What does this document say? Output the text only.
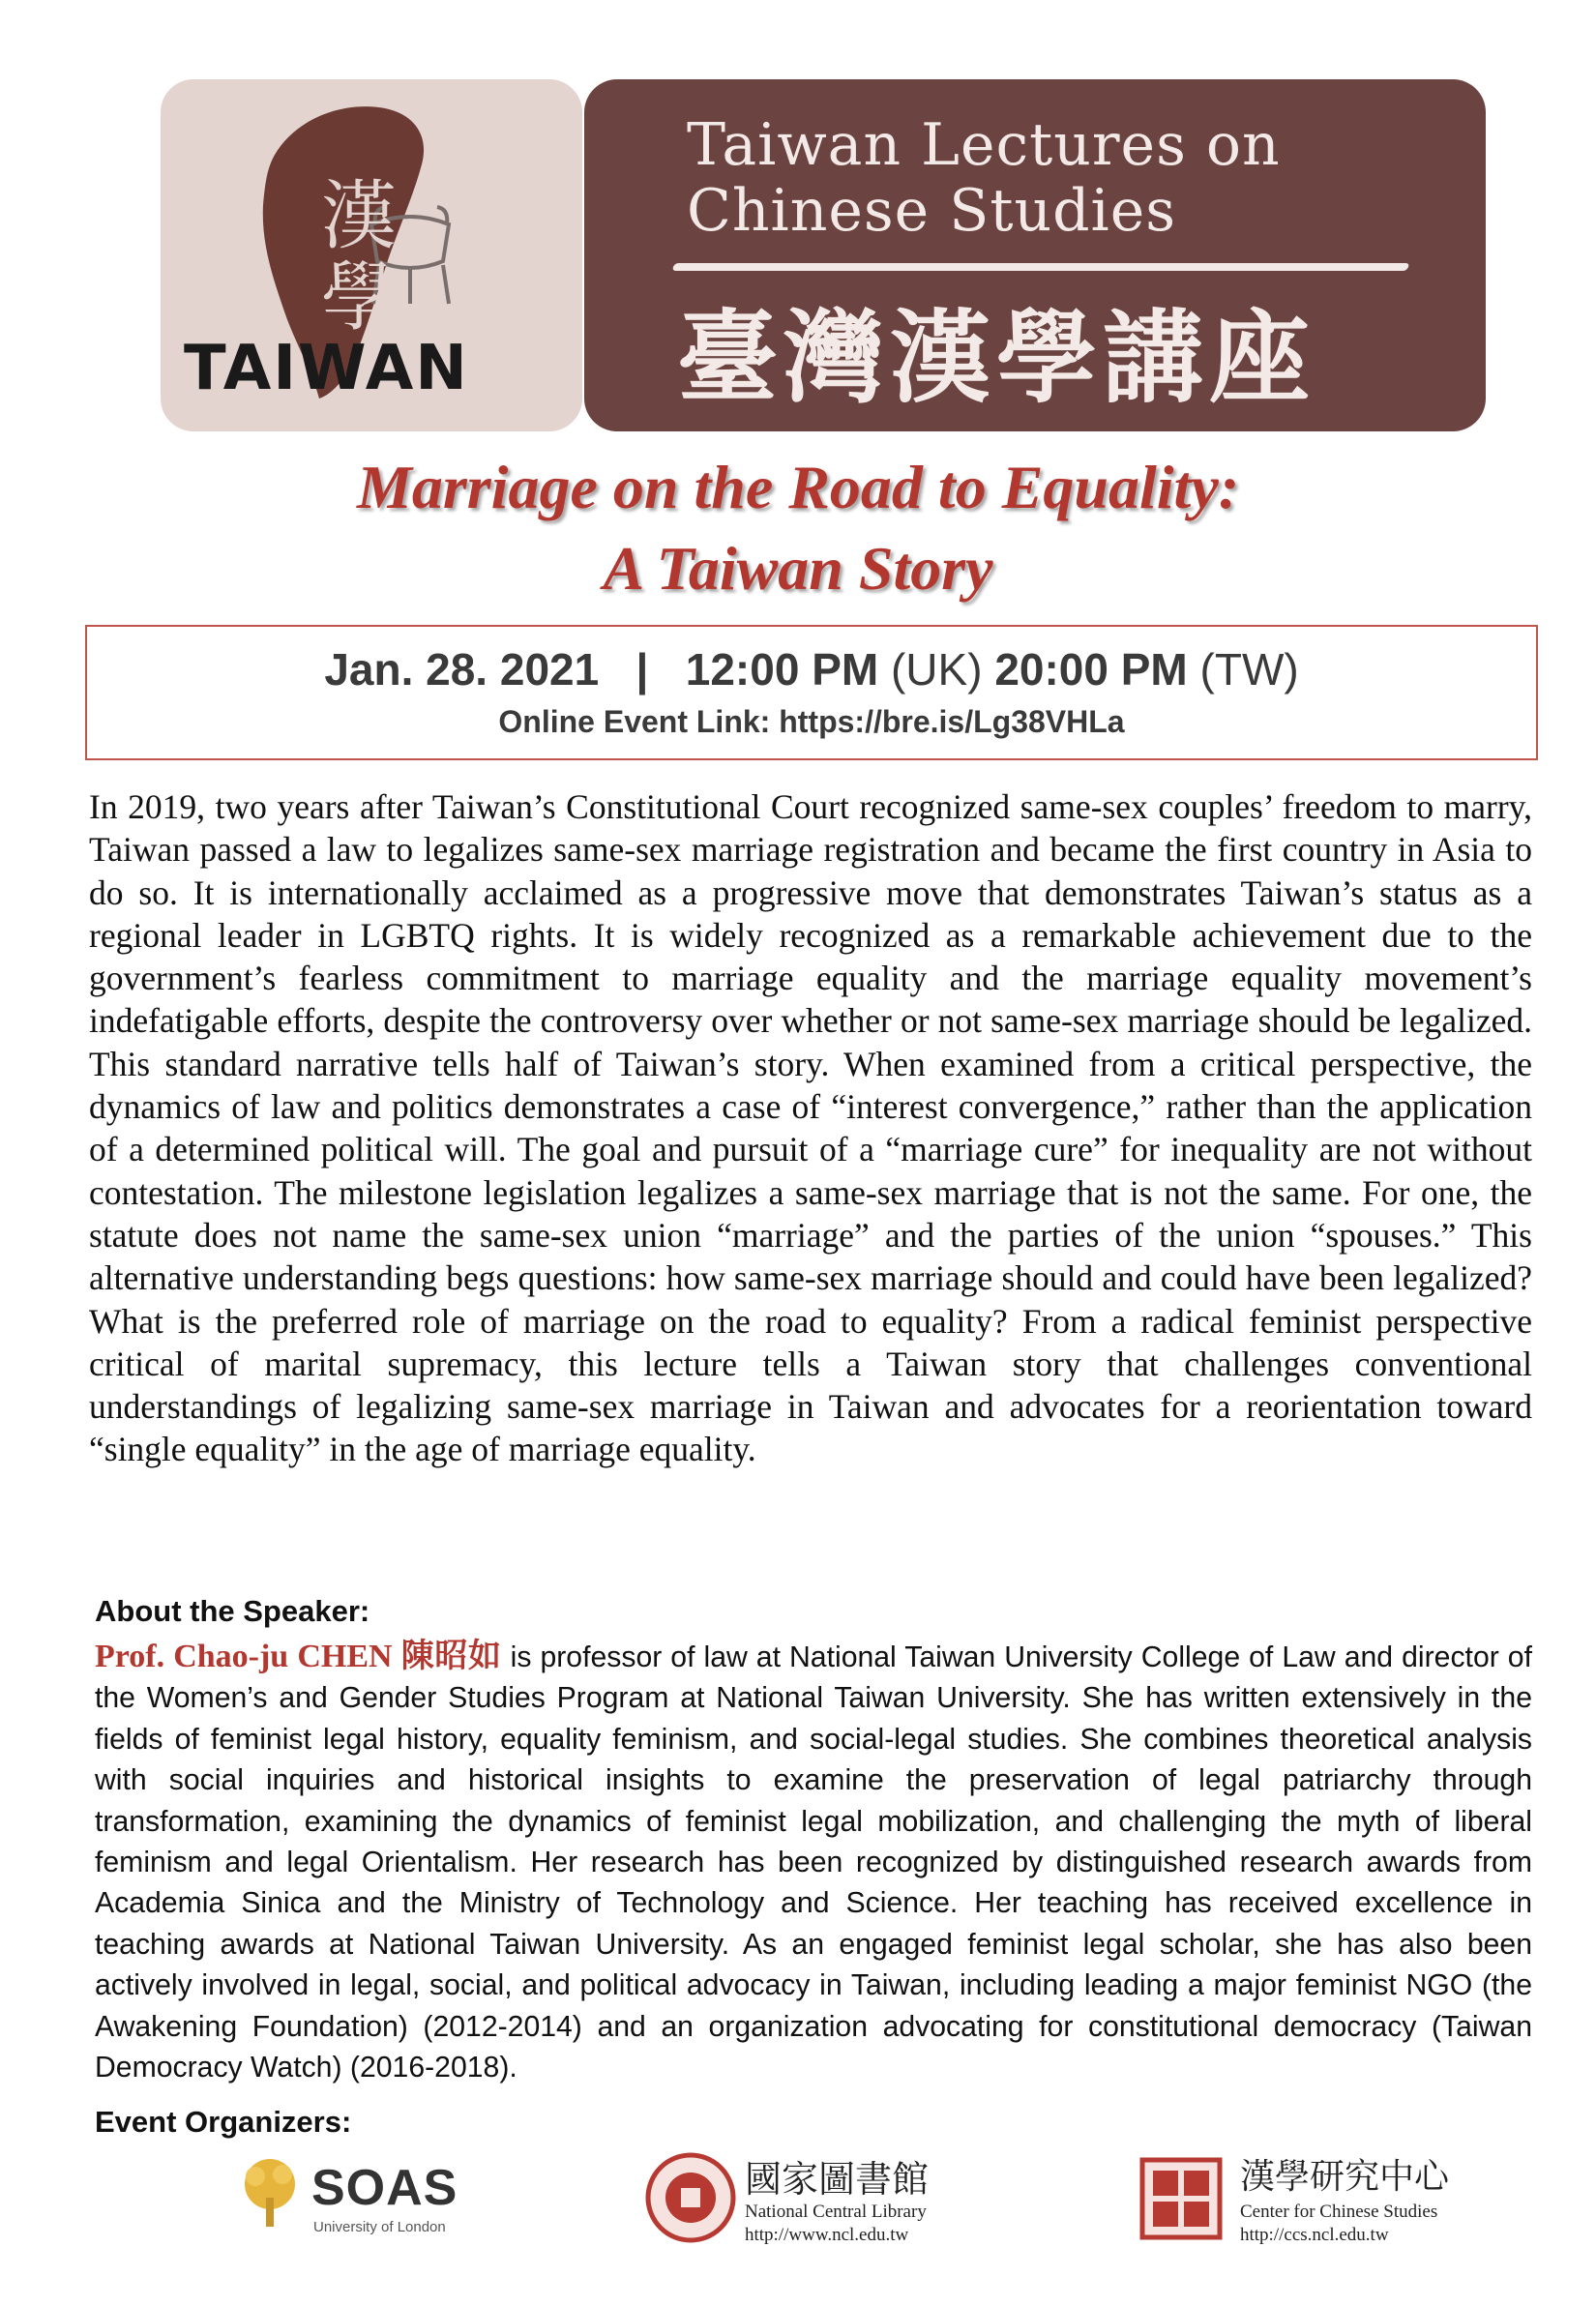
漢
學
TAIWAN
Taiwan Lectures on
Chinese Studies
臺灣漢學講座
Marriage on the Road to Equality:
A Taiwan Story
Jan. 28. 2021 | 12:00 PM (UK) 20:00 PM (TW)
Online Event Link: https://bre.is/Lg38VHLa
In 2019, two years after Taiwan’s Constitutional Court recognized same-sex couples’ freedom to marry, Taiwan passed a law to legalizes same-sex marriage registration and became the first country in Asia to do so. It is internationally acclaimed as a progressive move that demonstrates Taiwan’s status as a regional leader in LGBTQ rights. It is widely recognized as a remarkable achievement due to the government’s fearless commitment to marriage equality and the marriage equality movement’s indefatigable efforts, despite the controversy over whether or not same-sex marriage should be legalized. This standard narrative tells half of Taiwan’s story. When examined from a critical perspective, the dynamics of law and politics demonstrates a case of “interest convergence,” rather than the application of a determined political will. The goal and pursuit of a “marriage cure” for inequality are not without contestation. The milestone legislation legalizes a same-sex marriage that is not the same. For one, the statute does not name the same-sex union “marriage” and the parties of the union “spouses.” This alternative understanding begs questions: how same-sex marriage should and could have been legalized? What is the preferred role of marriage on the road to equality? From a radical feminist perspective critical of marital supremacy, this lecture tells a Taiwan story that challenges conventional understandings of legalizing same-sex marriage in Taiwan and advocates for a reorientation toward “single equality” in the age of marriage equality.
About the Speaker:
Prof. Chao-ju CHEN 陳昭如 is professor of law at National Taiwan University College of Law and director of the Women’s and Gender Studies Program at National Taiwan University. She has written extensively in the fields of feminist legal history, equality feminism, and social-legal studies. She combines theoretical analysis with social inquiries and historical insights to examine the preservation of legal patriarchy through transformation, examining the dynamics of feminist legal mobilization, and challenging the myth of liberal feminism and legal Orientalism. Her research has been recognized by distinguished research awards from Academia Sinica and the Ministry of Technology and Science. Her teaching has received excellence in teaching awards at National Taiwan University. As an engaged feminist legal scholar, she has also been actively involved in legal, social, and political advocacy in Taiwan, including leading a major feminist NGO (the Awakening Foundation) (2012-2014) and an organization advocating for constitutional democracy (Taiwan Democracy Watch) (2016-2018).
Event Organizers:
SOAS
University of London
國家圖書館
National Central Library
http://www.ncl.edu.tw
漢學研究中心
Center for Chinese Studies
http://ccs.ncl.edu.tw
